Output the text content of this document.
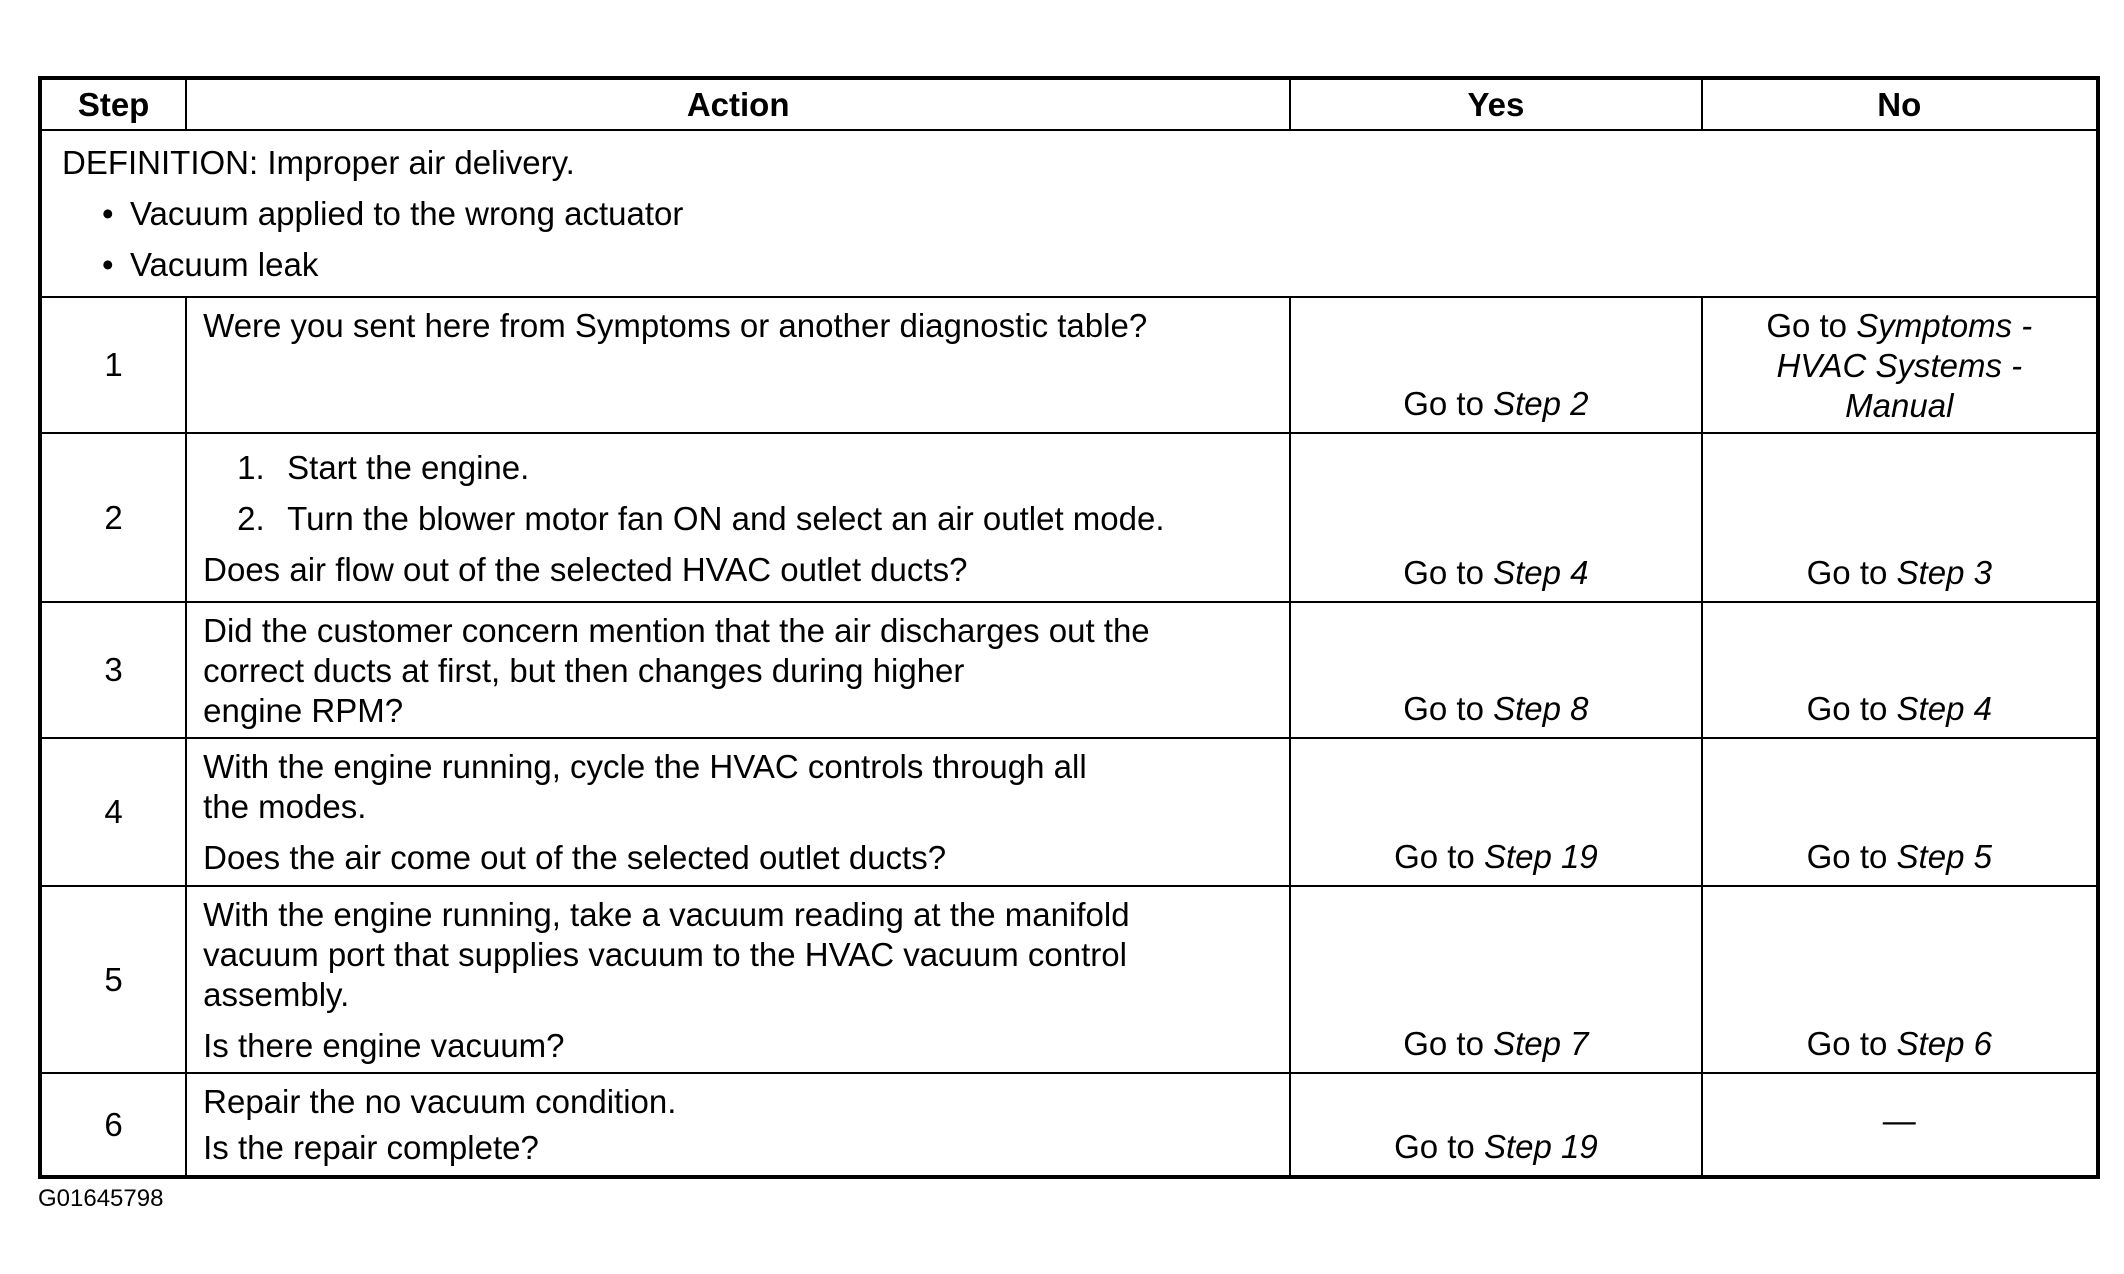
Step	Action	Yes	No

DEFINITION: Improper air delivery.
• Vacuum applied to the wrong actuator
• Vacuum leak			

1	Were you sent here from Symptoms or another diagnostic table?	Go to Step 2	Go to Symptoms -
HVAC Systems -
Manual

2	1. Start the engine.
2. Turn the blower motor fan ON and select an air outlet mode.
Does air flow out of the selected HVAC outlet ducts?	Go to Step 4	Go to Step 3
3	Did the customer concern mention that the air discharges out the
correct ducts at first, but then changes during higher
engine RPM?	Go to Step 8	Go to Step 4
4	With the engine running, cycle the HVAC controls through all
the modes.
Does the air come out of the selected outlet ducts?	Go to Step 19	Go to Step 5
5	With the engine running, take a vacuum reading at the manifold
vacuum port that supplies vacuum to the HVAC vacuum control
assembly.
Is there engine vacuum?	Go to Step 7	Go to Step 6
6	Repair the no vacuum condition.
Is the repair complete?	Go to Step 19	—
G01645798
